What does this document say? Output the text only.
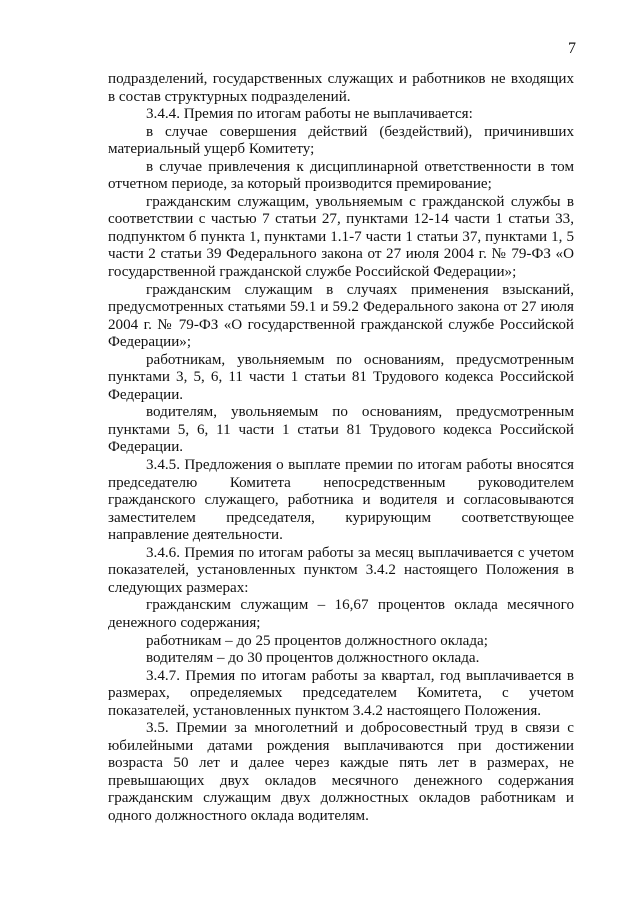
7

подразделений, государственных служащих и работников не входящих в состав структурных подразделений.

3.4.4. Премия по итогам работы не выплачивается:

в случае совершения действий (бездействий), причинивших материальный ущерб Комитету;

в случае привлечения к дисциплинарной ответственности в том отчетном периоде, за который производится премирование;

гражданским служащим, увольняемым с гражданской службы в соответствии с частью 7 статьи 27, пунктами 12-14 части 1 статьи 33, подпунктом б пункта 1, пунктами 1.1-7 части 1 статьи 37, пунктами 1, 5 части 2 статьи 39 Федерального закона от 27 июля 2004 г. № 79-ФЗ «О государственной гражданской службе Российской Федерации»;

гражданским служащим в случаях применения взысканий, предусмотренных статьями 59.1 и 59.2 Федерального закона от 27 июля 2004 г. № 79-ФЗ «О государственной гражданской службе Российской Федерации»;

работникам, увольняемым по основаниям, предусмотренным пунктами 3, 5, 6, 11 части 1 статьи 81 Трудового кодекса Российской Федерации.

водителям, увольняемым по основаниям, предусмотренным пунктами 5, 6, 11 части 1 статьи 81 Трудового кодекса Российской Федерации.

3.4.5. Предложения о выплате премии по итогам работы вносятся председателю Комитета непосредственным руководителем гражданского служащего, работника и водителя и согласовываются заместителем председателя, курирующим соответствующее направление деятельности.

3.4.6. Премия по итогам работы за месяц выплачивается с учетом показателей, установленных пунктом 3.4.2 настоящего Положения в следующих размерах:

гражданским служащим – 16,67 процентов оклада месячного денежного содержания;

работникам – до 25 процентов должностного оклада;

водителям – до 30 процентов должностного оклада.

3.4.7. Премия по итогам работы за квартал, год выплачивается в размерах, определяемых председателем Комитета, с учетом показателей, установленных пунктом 3.4.2 настоящего Положения.

3.5. Премии за многолетний и добросовестный труд в связи с юбилейными датами рождения выплачиваются при достижении возраста 50 лет и далее через каждые пять лет в размерах, не превышающих двух окладов месячного денежного содержания гражданским служащим двух должностных окладов работникам и одного должностного оклада водителям.
